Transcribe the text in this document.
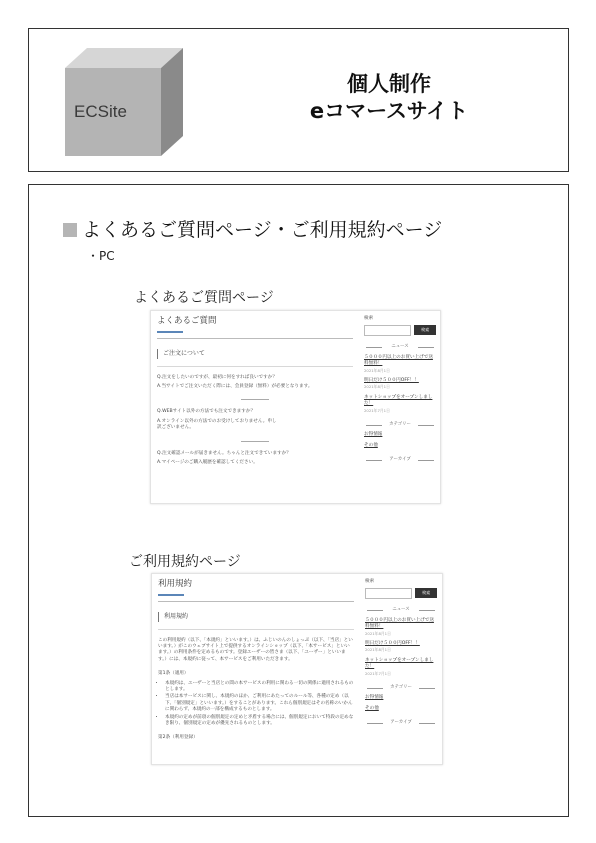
ECSite
個人制作
eコマースサイト
よくあるご質問ページ・ご利用規約ページ
・PC
よくあるご質問ページ
よくあるご質問
ご注文について
Q.注文をしたいのですが、最初に何をすれば良いですか？
A.当サイトでご注文いただく際には、会員登録（無料）が必要となります。
Q.WEBサイト以外の方法でも注文できますか？
A.オンライン以外の方法でのお受けしておりません。申し訳ございません。
Q.注文確認メールが届きません。ちゃんと注文できていますか？
A.マイページのご購入履歴を確認してください。
検索
検索
ニュース
５０００円以上のお買い上げで送料無料！
2021年8月1日
明日だけ５００円OFF！！
2021年8月1日
ネットショップをオープンしました！
2021年7月1日
カテゴリー
お得情報
その他
アーカイブ
ご利用規約ページ
利用規約
利用規約
この利用規約（以下、「本規約」といいます。）は、ふじいのんのしょっぷ（以下、「当店」といいます。）がこのウェブサイト上で提供するオンラインショップ（以下、「本サービス」といいます。）の利用条件を定めるものです。登録ユーザーの皆さま（以下、「ユーザー」といいます。）には、本規約に従って、本サービスをご利用いただきます。
第1条（適用）
• 本規約は、ユーザーと当店との間の本サービスの利用に関わる一切の関係に適用されるものとします。
• 当店は本サービスに関し、本規約のほか、ご利用にあたってのルール等、各種の定め（以下、「個別規定」といいます。）をすることがあります。これら個別規定はその名称のいかんに関わらず、本規約の一部を構成するものとします。
• 本規約の定めが前項の個別規定の定めと矛盾する場合には、個別規定において特段の定めなき限り、個別規定の定めが優先されるものとします。
第2条（利用登録）
検索
検索
ニュース
５０００円以上のお買い上げで送料無料！
2021年8月1日
明日だけ５００円OFF！！
2021年8月1日
ネットショップをオープンしました！
2021年7月1日
カテゴリー
お得情報
その他
アーカイブ
